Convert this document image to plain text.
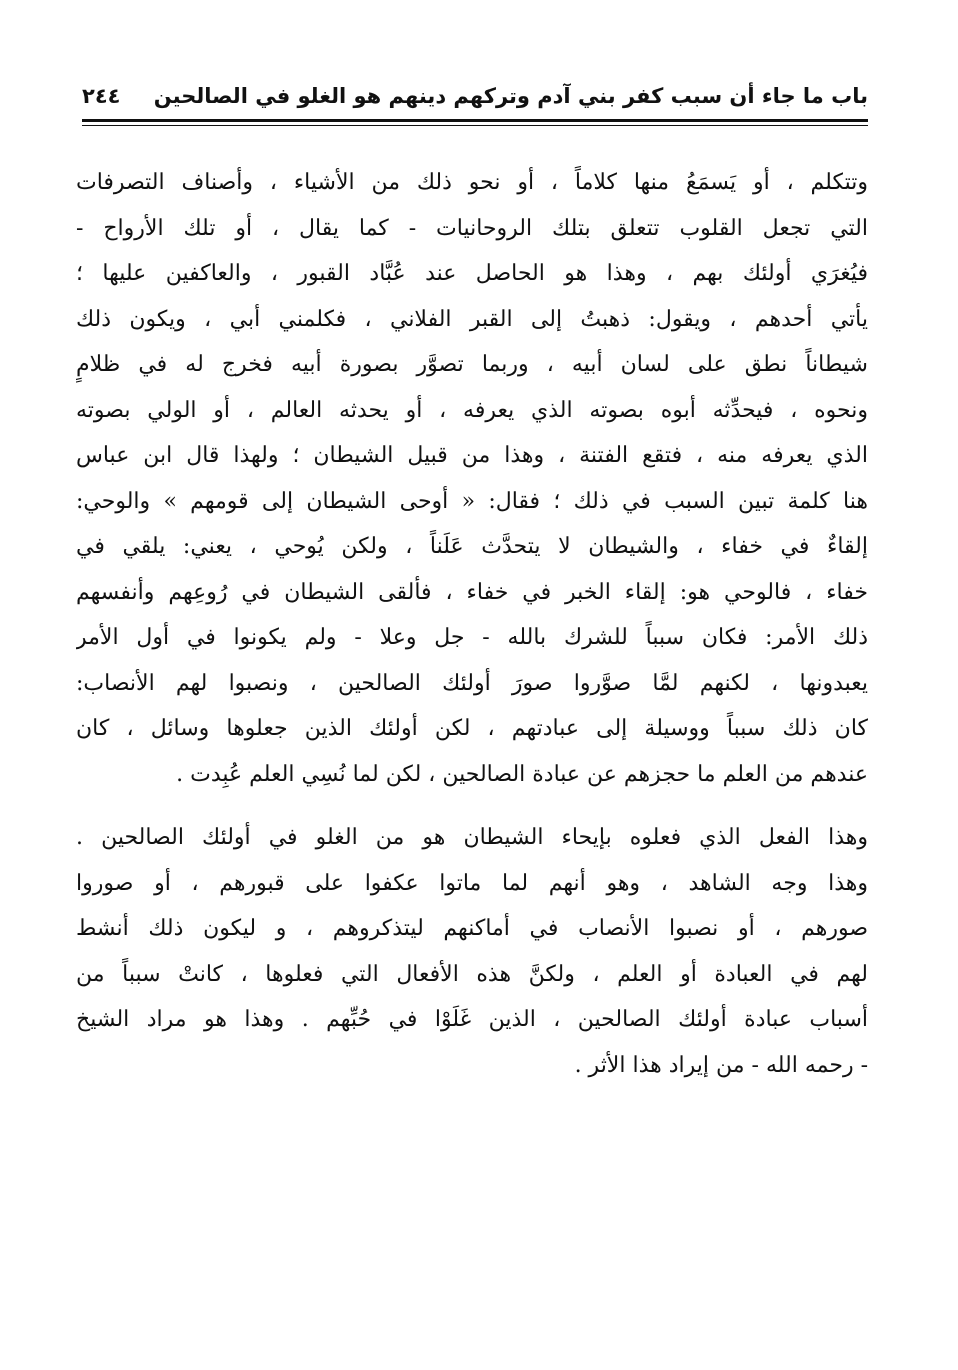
باب ما جاء أن سبب كفر بني آدم وتركهم دينهم هو الغلو في الصالحين
٢٤٤
وتتكلم ، أو يَسمَعُ منها كلاماً ، أو نحو ذلك من الأشياء ، وأصناف التصرفات
التي تجعل القلوب تتعلق بتلك الروحانيات - كما يقال ، أو تلك الأرواح -
فيُغرَي أولئك بهم ، وهذا هو الحاصل عند عُبَّاد القبور ، والعاكفين عليها ؛
يأتي أحدهم ، ويقول: ذهبتُ إلى القبر الفلاني ، فكلمني أبي ، ويكون ذلك
شيطاناً نطق على لسان أبيه ، وربما تصوَّر بصورة أبيه فخرج له في ظلامٍ
ونحوه ، فيحدِّثه أبوه بصوته الذي يعرفه ، أو يحدثه العالم ، أو الولي بصوته
الذي يعرفه منه ، فتقع الفتنة ، وهذا من قبيل الشيطان ؛ ولهذا قال ابن عباس
هنا كلمة تبين السبب في ذلك ؛ فقال: « أوحى الشيطان إلى قومهم » والوحي:
إلقاءٌ في خفاء ، والشيطان لا يتحدَّث عَلَناً ، ولكن يُوحي ، يعني: يلقي في
خفاء ، فالوحي هو: إلقاء الخبر في خفاء ، فألقى الشيطان في رُوعِهم وأنفسهم
ذلك الأمر: فكان سبباً للشرك بالله - جل وعلا - ولم يكونوا في أول الأمر
يعبدونها ، لكنهم لمَّا صوَّروا صورَ أولئك الصالحين ، ونصبوا لهم الأنصاب:
كان ذلك سبباً ووسيلة إلى عبادتهم ، لكن أولئك الذين جعلوها وسائل ، كان
عندهم من العلم ما حجزهم عن عبادة الصالحين ، لكن لما نُسِي العلم عُبِدت .
وهذا الفعل الذي فعلوه بإيحاء الشيطان هو من الغلو في أولئك الصالحين .
وهذا وجه الشاهد ، وهو أنهم لما ماتوا عكفوا على قبورهم ، أو صوروا
صورهم ، أو نصبوا الأنصاب في أماكنهم ليتذكروهم ، و ليكون ذلك أنشط
لهم في العبادة أو العلم ، ولكنَّ هذه الأفعال التي فعلوها ، كانتْ سبباً من
أسباب عبادة أولئك الصالحين ، الذين غَلَوْا في حُبِّهم . وهذا هو مراد الشيخ
- رحمه الله - من إيراد هذا الأثر .
